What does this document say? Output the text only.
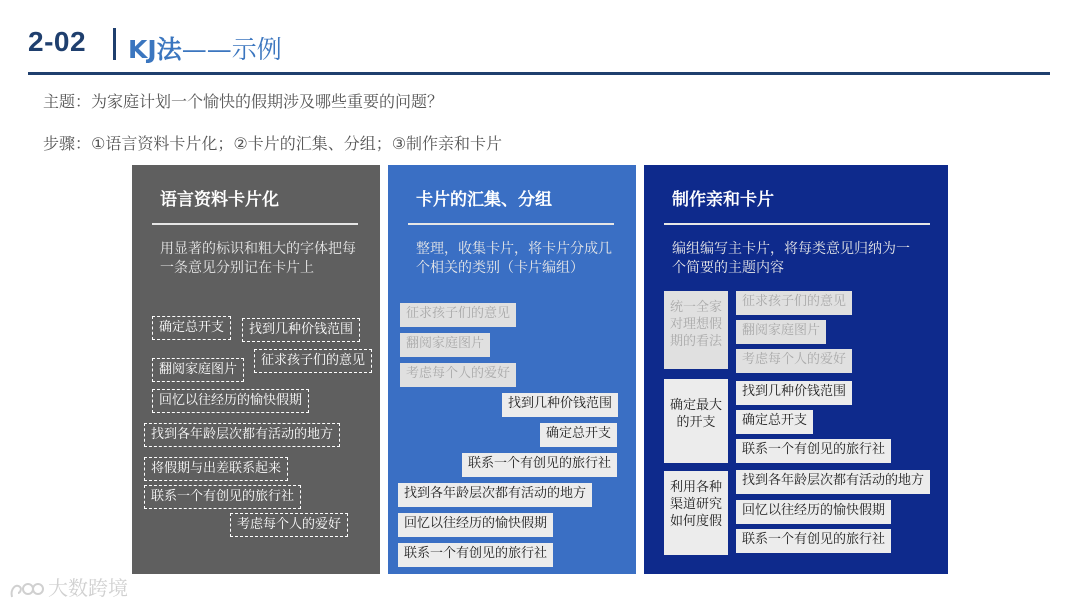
2-02 KJ法——示例
主题：为家庭计划一个愉快的假期涉及哪些重要的问题？
步骤：①语言资料卡片化；②卡片的汇集、分组；③制作亲和卡片
语言资料卡片化
用显著的标识和粗大的字体把每一条意见分别记在卡片上
确定总开支	找到几种价钱范围
翻阅家庭图片
征求孩子们的意见
回忆以往经历的愉快假期
找到各年龄层次都有活动的地方
将假期与出差联系起来
联系一个有创见的旅行社
考虑每个人的爱好
卡片的汇集、分组
整理，收集卡片，将卡片分成几个相关的类别（卡片编组）
征求孩子们的意见
翻阅家庭图片
考虑每个人的爱好
找到几种价钱范围
确定总开支
联系一个有创见的旅行社
找到各年龄层次都有活动的地方
回忆以往经历的愉快假期
联系一个有创见的旅行社
制作亲和卡片
编组编写主卡片，将每类意见归纳为一个简要的主题内容
统一全家对理想假期的看法
征求孩子们的意见
翻阅家庭图片
考虑每个人的爱好
确定最大的开支
找到几种价钱范围
确定总开支
联系一个有创见的旅行社
利用各种渠道研究如何度假
找到各年龄层次都有活动的地方
回忆以往经历的愉快假期
联系一个有创见的旅行社
大数跨境
